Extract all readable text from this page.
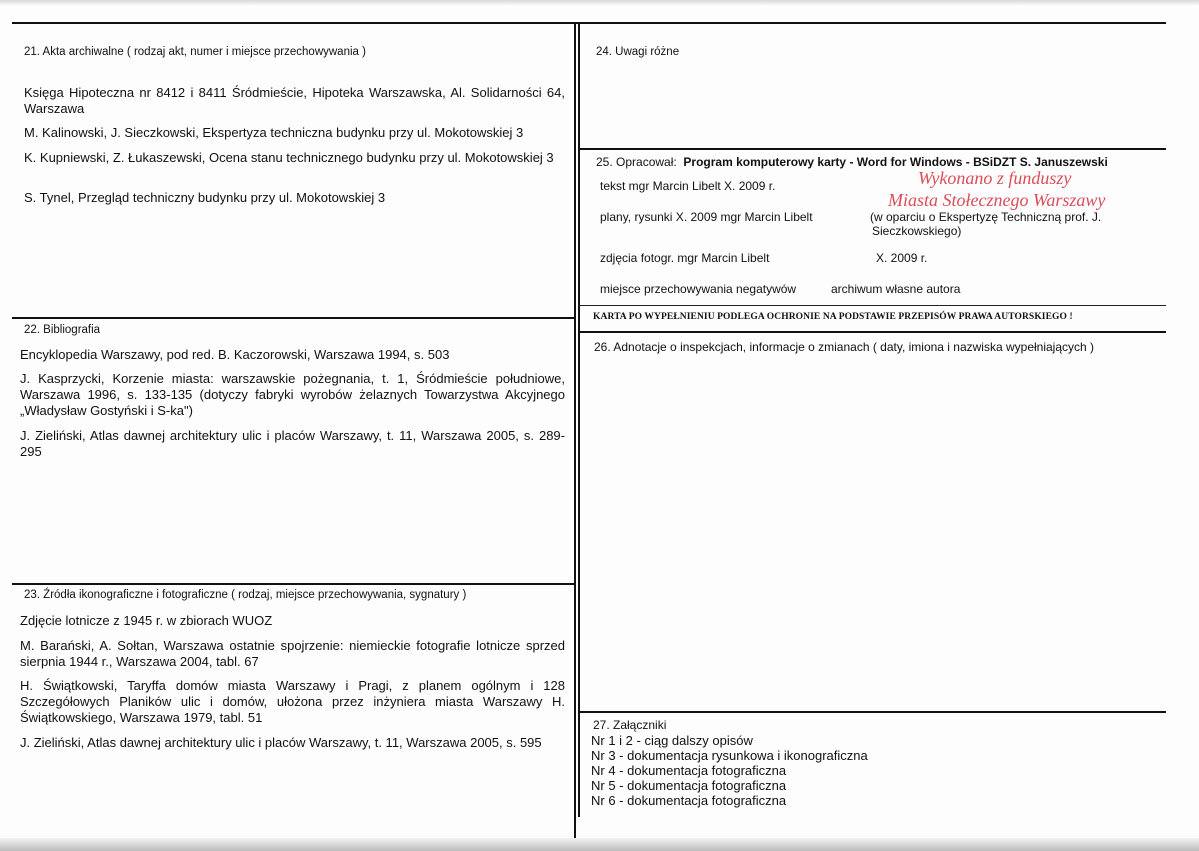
21. Akta archiwalne ( rodzaj akt, numer i miejsce przechowywania )

Księga Hipoteczna nr 8412 i 8411 Śródmieście, Hipoteka Warszawska, Al. Solidarności 64, Warszawa

M. Kalinowski, J. Sieczkowski, Ekspertyza techniczna budynku przy ul. Mokotowskiej 3

K. Kupniewski, Z. Łukaszewski, Ocena stanu technicznego budynku przy ul. Mokotowskiej 3

S. Tynel, Przegląd techniczny budynku przy ul. Mokotowskiej 3

22. Bibliografia

Encyklopedia Warszawy, pod red. B. Kaczorowski, Warszawa 1994, s. 503

J. Kasprzycki, Korzenie miasta: warszawskie pożegnania, t. 1, Śródmieście południowe, Warszawa 1996, s. 133-135 (dotyczy fabryki wyrobów żelaznych Towarzystwa Akcyjnego „Władysław Gostyński i S-ka")

J. Zieliński, Atlas dawnej architektury ulic i placów Warszawy, t. 11, Warszawa 2005, s. 289-295

23. Źródła ikonograficzne i fotograficzne ( rodzaj, miejsce przechowywania, sygnatury )

Zdjęcie lotnicze z 1945 r. w zbiorach WUOZ

M. Barański, A. Sołtan, Warszawa ostatnie spojrzenie: niemieckie fotografie lotnicze sprzed sierpnia 1944 r., Warszawa 2004, tabl. 67

H. Świątkowski, Taryffa domów miasta Warszawy i Pragi, z planem ogólnym i 128 Szczegółowych Planików ulic i domów, ułożona przez inżyniera miasta Warszawy H. Świątkowskiego, Warszawa 1979, tabl. 51

J. Zieliński, Atlas dawnej architektury ulic i placów Warszawy, t. 11, Warszawa 2005, s. 595

24. Uwagi różne
25. Opracował: Program komputerowy karty - Word for Windows - BSiDZT S. Januszewski
tekst mgr Marcin Libelt X. 2009 r.
plany, rysunki X. 2009 mgr Marcin Libelt	(w oparciu o Ekspertyzę Techniczną prof. J.
Sieczkowskiego)
zdjęcia fotogr. mgr Marcin Libelt	X. 2009 r.
miejsce przechowywania negatywów	archiwum własne autora
Wykonano z funduszy
Miasta Stołecznego Warszawy
KARTA PO WYPEŁNIENIU PODLEGA OCHRONIE NA PODSTAWIE PRZEPISÓW PRAWA AUTORSKIEGO !
26. Adnotacje o inspekcjach, informacje o zmianach ( daty, imiona i nazwiska wypełniających )
27. Załączniki
Nr 1 i 2 - ciąg dalszy opisów
Nr 3 - dokumentacja rysunkowa i ikonograficzna
Nr 4 - dokumentacja fotograficzna
Nr 5 - dokumentacja fotograficzna
Nr 6 - dokumentacja fotograficzna
